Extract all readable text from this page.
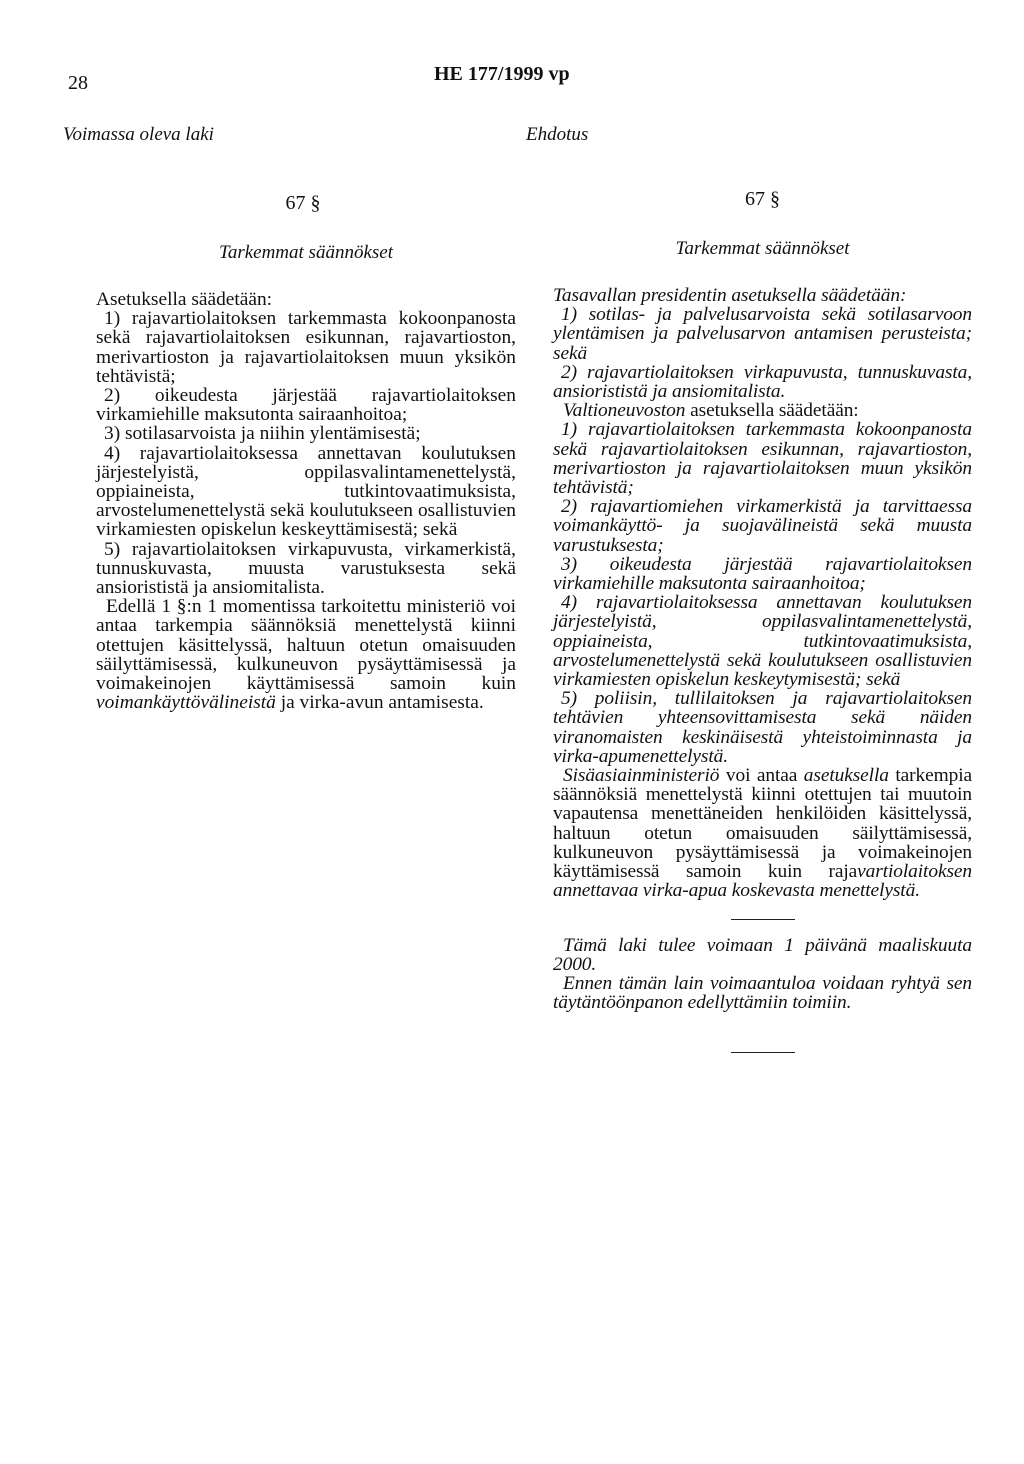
28	HE 177/1999 vp
Voimassa oleva laki	Ehdotus
67 §
Tarkemmat säännökset

Asetuksella säädetään:

1) rajavartiolaitoksen tarkemmasta kokoonpanosta sekä rajavartiolaitoksen esikunnan, rajavartioston, merivartioston ja rajavartiolaitoksen muun yksikön tehtävistä;

2) oikeudesta järjestää rajavartiolaitoksen virkamiehille maksutonta sairaanhoitoa;

3) sotilasarvoista ja niihin ylentämisestä;

4) rajavartiolaitoksessa annettavan koulutuksen järjestelyistä, oppilasvalintamenettelystä, oppiaineista, tutkintovaatimuksista, arvostelumenettelystä sekä koulutukseen osallistuvien virkamiesten opiskelun keskeyttämisestä; sekä

5) rajavartiolaitoksen virkapuvusta, virkamerkistä, tunnuskuvasta, muusta varustuksesta sekä ansiorististä ja ansiomitalista.

Edellä 1 §:n 1 momentissa tarkoitettu ministeriö voi antaa tarkempia säännöksiä menettelystä kiinni otettujen käsittelyssä, haltuun otetun omaisuuden säilyttämisessä, kulkuneuvon pysäyttämisessä ja voimakeinojen käyttämisessä samoin kuin voimankäyttövälineistä ja virka-avun antamisesta.

67 §
Tarkemmat säännökset

Tasavallan presidentin asetuksella säädetään:

1) sotilas- ja palvelusarvoista sekä sotilasarvoon ylentämisen ja palvelusarvon antamisen perusteista; sekä

2) rajavartiolaitoksen virkapuvusta, tunnuskuvasta, ansiorististä ja ansiomitalista.

Valtioneuvoston asetuksella säädetään:

1) rajavartiolaitoksen tarkemmasta kokoonpanosta sekä rajavartiolaitoksen esikunnan, rajavartioston, merivartioston ja rajavartiolaitoksen muun yksikön tehtävistä;

2) rajavartiomiehen virkamerkistä ja tarvittaessa voimankäyttö- ja suojavälineistä sekä muusta varustuksesta;

3) oikeudesta järjestää rajavartiolaitoksen virkamiehille maksutonta sairaanhoitoa;

4) rajavartiolaitoksessa annettavan koulutuksen järjestelyistä, oppilasvalintamenettelystä, oppiaineista, tutkintovaatimuksista, arvostelumenettelystä sekä koulutukseen osallistuvien virkamiesten opiskelun keskeytymisestä; sekä

5) poliisin, tullilaitoksen ja rajavartiolaitoksen tehtävien yhteensovittamisesta sekä näiden viranomaisten keskinäisestä yhteistoiminnasta ja virka-apumenettelystä.

Sisäasiainministeriö voi antaa asetuksella tarkempia säännöksiä menettelystä kiinni otettujen tai muutoin vapautensa menettäneiden henkilöiden käsittelyssä, haltuun otetun omaisuuden säilyttämisessä, kulkuneuvon pysäyttämisessä ja voimakeinojen käyttämisessä samoin kuin rajavartiolaitoksen annettavaa virka-apua koskevasta menettelystä.

Tämä laki tulee voimaan 1 päivänä maaliskuuta 2000.

Ennen tämän lain voimaantuloa voidaan ryhtyä sen täytäntöönpanon edellyttämiin toimiin.
